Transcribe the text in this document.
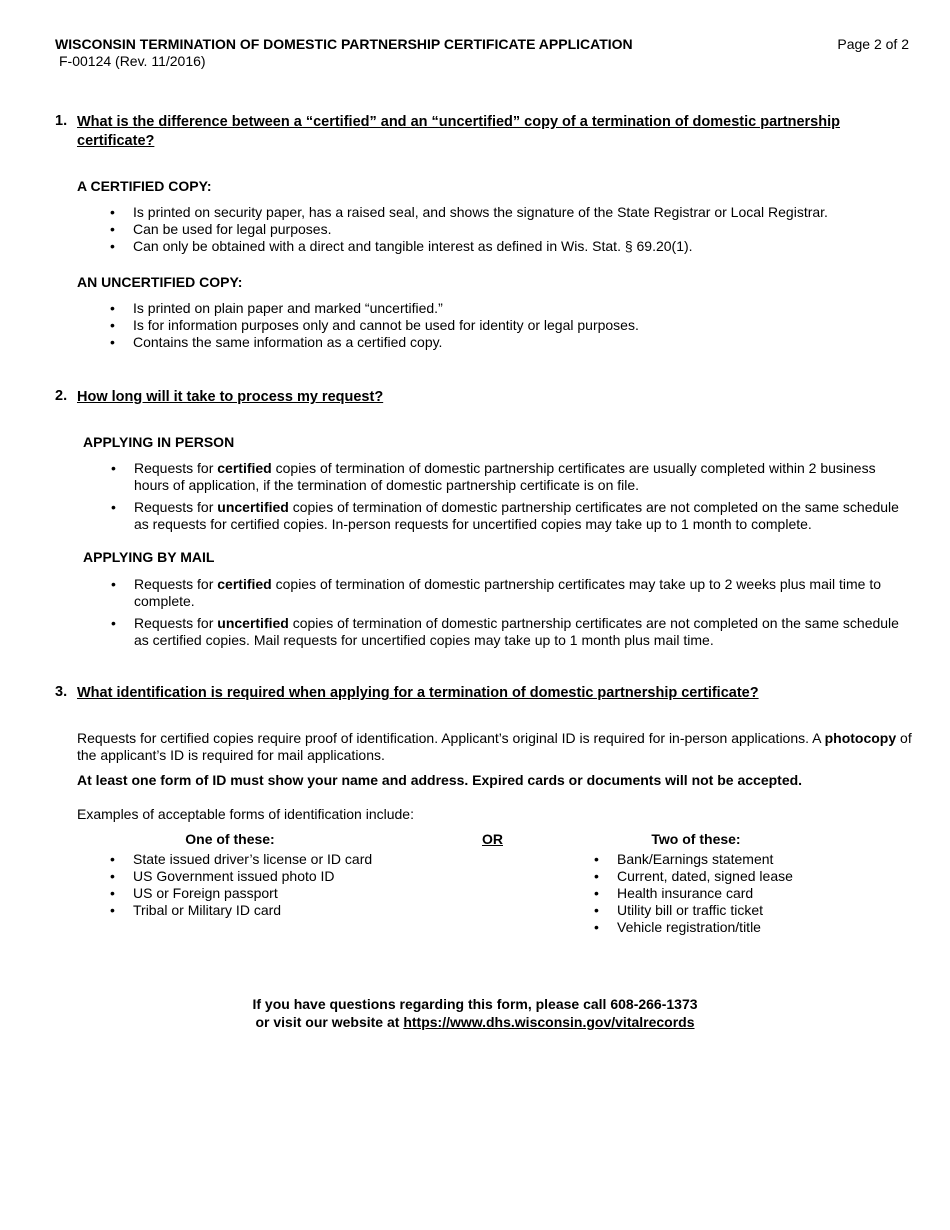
WISCONSIN TERMINATION OF DOMESTIC PARTNERSHIP CERTIFICATE APPLICATION
F-00124 (Rev. 11/2016)
Page 2 of 2
1. What is the difference between a “certified” and an “uncertified” copy of a termination of domestic partnership certificate?
A CERTIFIED COPY:
• Is printed on security paper, has a raised seal, and shows the signature of the State Registrar or Local Registrar.
• Can be used for legal purposes.
• Can only be obtained with a direct and tangible interest as defined in Wis. Stat. § 69.20(1).
AN UNCERTIFIED COPY:
• Is printed on plain paper and marked “uncertified.”
• Is for information purposes only and cannot be used for identity or legal purposes.
• Contains the same information as a certified copy.
2. How long will it take to process my request?
APPLYING IN PERSON
• Requests for certified copies of termination of domestic partnership certificates are usually completed within 2 business hours of application, if the termination of domestic partnership certificate is on file.
• Requests for uncertified copies of termination of domestic partnership certificates are not completed on the same schedule as requests for certified copies. In-person requests for uncertified copies may take up to 1 month to complete.
APPLYING BY MAIL
• Requests for certified copies of termination of domestic partnership certificates may take up to 2 weeks plus mail time to complete.
• Requests for uncertified copies of termination of domestic partnership certificates are not completed on the same schedule as certified copies. Mail requests for uncertified copies may take up to 1 month plus mail time.
3. What identification is required when applying for a termination of domestic partnership certificate?
Requests for certified copies require proof of identification. Applicant’s original ID is required for in-person applications. A photocopy of the applicant’s ID is required for mail applications.
At least one form of ID must show your name and address. Expired cards or documents will not be accepted.
Examples of acceptable forms of identification include:
One of these:	OR	Two of these:
• State issued driver’s license or ID card
• US Government issued photo ID
• US or Foreign passport
• Tribal or Military ID card
• Bank/Earnings statement
• Current, dated, signed lease
• Health insurance card
• Utility bill or traffic ticket
• Vehicle registration/title
If you have questions regarding this form, please call 608-266-1373
or visit our website at https://www.dhs.wisconsin.gov/vitalrecords
